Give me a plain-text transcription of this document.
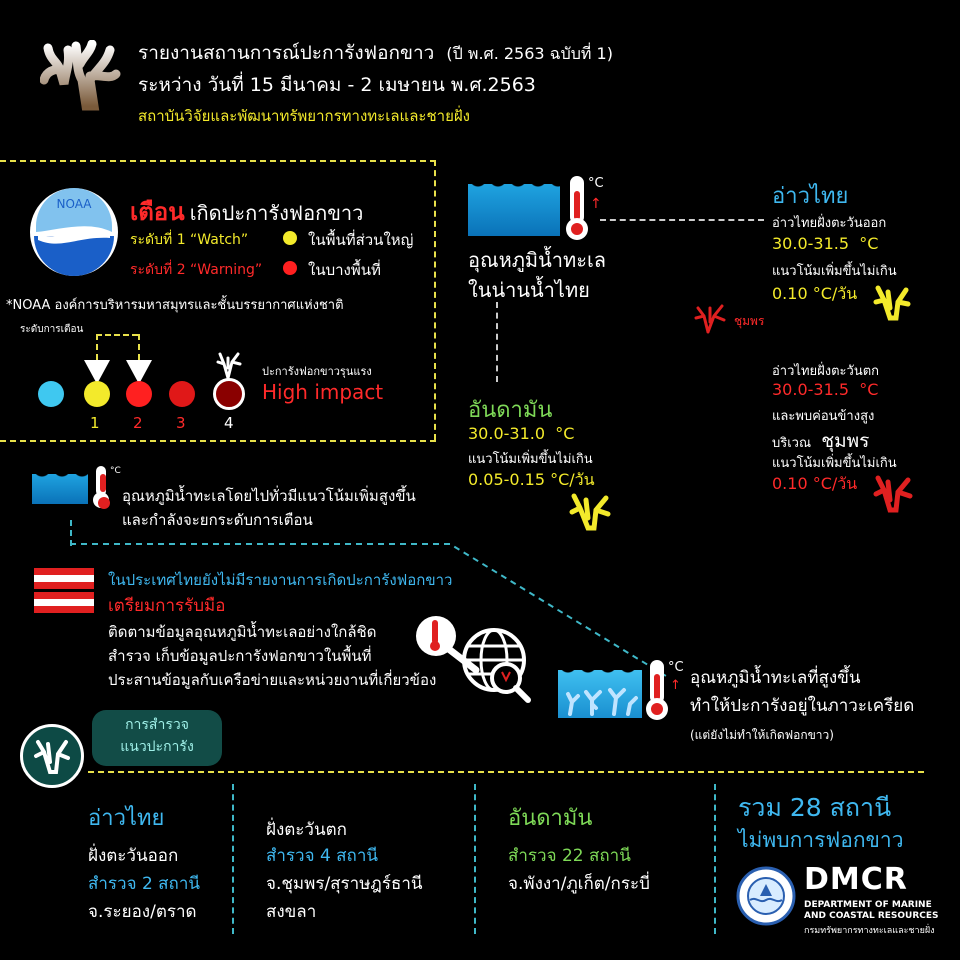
รายงานสถานการณ์ปะการังฟอกขาว (ปี พ.ศ. 2563 ฉบับที่ 1)
ระหว่าง วันที่ 15 มีนาคม - 2 เมษายน พ.ศ.2563
สถาบันวิจัยและพัฒนาทรัพยากรทางทะเลและชายฝั่ง
NOAA เตือน เกิดปะการังฟอกขาว
ระดับที่ 1 “Watch”	ในพื้นที่ส่วนใหญ่
ระดับที่ 2 “Warning”	ในบางพื้นที่
*NOAA องค์การบริหารมหาสมุทรและชั้นบรรยากาศแห่งชาติ
ระดับการเตือน
1 2 3	4
ปะการังฟอกขาวรุนแรง
High impact
°C
↑
อุณหภูมิน้ำทะเล
ในน่านน้ำไทย
อ่าวไทย
อ่าวไทยฝั่งตะวันออก
30.0-31.5 °C
แนวโน้มเพิ่มขึ้นไม่เกิน
0.10 °C/วัน
ชุมพร
อ่าวไทยฝั่งตะวันตก
30.0-31.5 °C
และพบค่อนข้างสูง
บริเวณ ชุมพร
แนวโน้มเพิ่มขึ้นไม่เกิน
0.10 °C/วัน
อันดามัน
30.0-31.0 °C
แนวโน้มเพิ่มขึ้นไม่เกิน
0.05-0.15 °C/วัน
°C
อุณหภูมิน้ำทะเลโดยไปทั่วมีแนวโน้มเพิ่มสูงขึ้น
และกำลังจะยกระดับการเตือน
ในประเทศไทยยังไม่มีรายงานการเกิดปะการังฟอกขาว
เตรียมการรับมือ
ติดตามข้อมูลอุณหภูมิน้ำทะเลอย่างใกล้ชิด
สำรวจ เก็บข้อมูลปะการังฟอกขาวในพื้นที่
ประสานข้อมูลกับเครือข่ายและหน่วยงานที่เกี่ยวข้อง
°C
↑ อุณหภูมิน้ำทะเลที่สูงขึ้น
ทำให้ปะการังอยู่ในภาวะเครียด
(แต่ยังไม่ทำให้เกิดฟอกขาว)
การสำรวจ
แนวปะการัง
อ่าวไทย
ฝั่งตะวันออก
สำรวจ 2 สถานี
จ.ระยอง/ตราด
ฝั่งตะวันตก
สำรวจ 4 สถานี
จ.ชุมพร/สุราษฎร์ธานี
สงขลา
อันดามัน
สำรวจ 22 สถานี
จ.พังงา/ภูเก็ต/กระบี่
รวม 28 สถานี
ไม่พบการฟอกขาว
DMCR
DEPARTMENT OF MARINE
AND COASTAL RESOURCES
กรมทรัพยากรทางทะเลและชายฝั่ง
